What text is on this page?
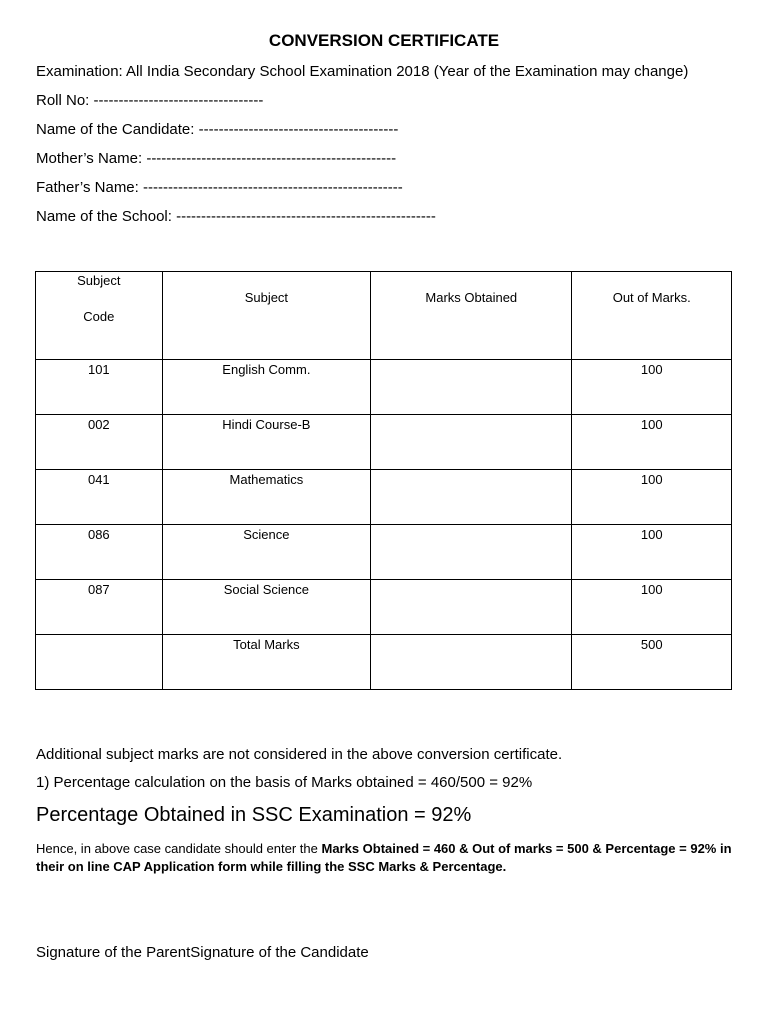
CONVERSION CERTIFICATE

Examination: All India Secondary School Examination 2018 (Year of the Examination may change)

Roll No: ----------------------------------

Name of the Candidate: ----------------------------------------

Mother’s Name: --------------------------------------------------

Father’s Name: ----------------------------------------------------

Name of the School: ----------------------------------------------------

Subject
Code	Subject	Marks Obtained	Out of Marks.

101	English Comm.		100
002	Hindi Course-B		100
041	Mathematics		100
086	Science		100
087	Social Science		100
	Total Marks		500

Additional subject marks are not considered in the above conversion certificate.

1) Percentage calculation on the basis of Marks obtained = 460/500 = 92%

Percentage Obtained in SSC Examination = 92%

Hence, in above case candidate should enter the Marks Obtained = 460 & Out of marks = 500 & Percentage = 92% in their on line CAP Application form while filling the SSC Marks & Percentage.

Signature of the ParentSignature of the Candidate
